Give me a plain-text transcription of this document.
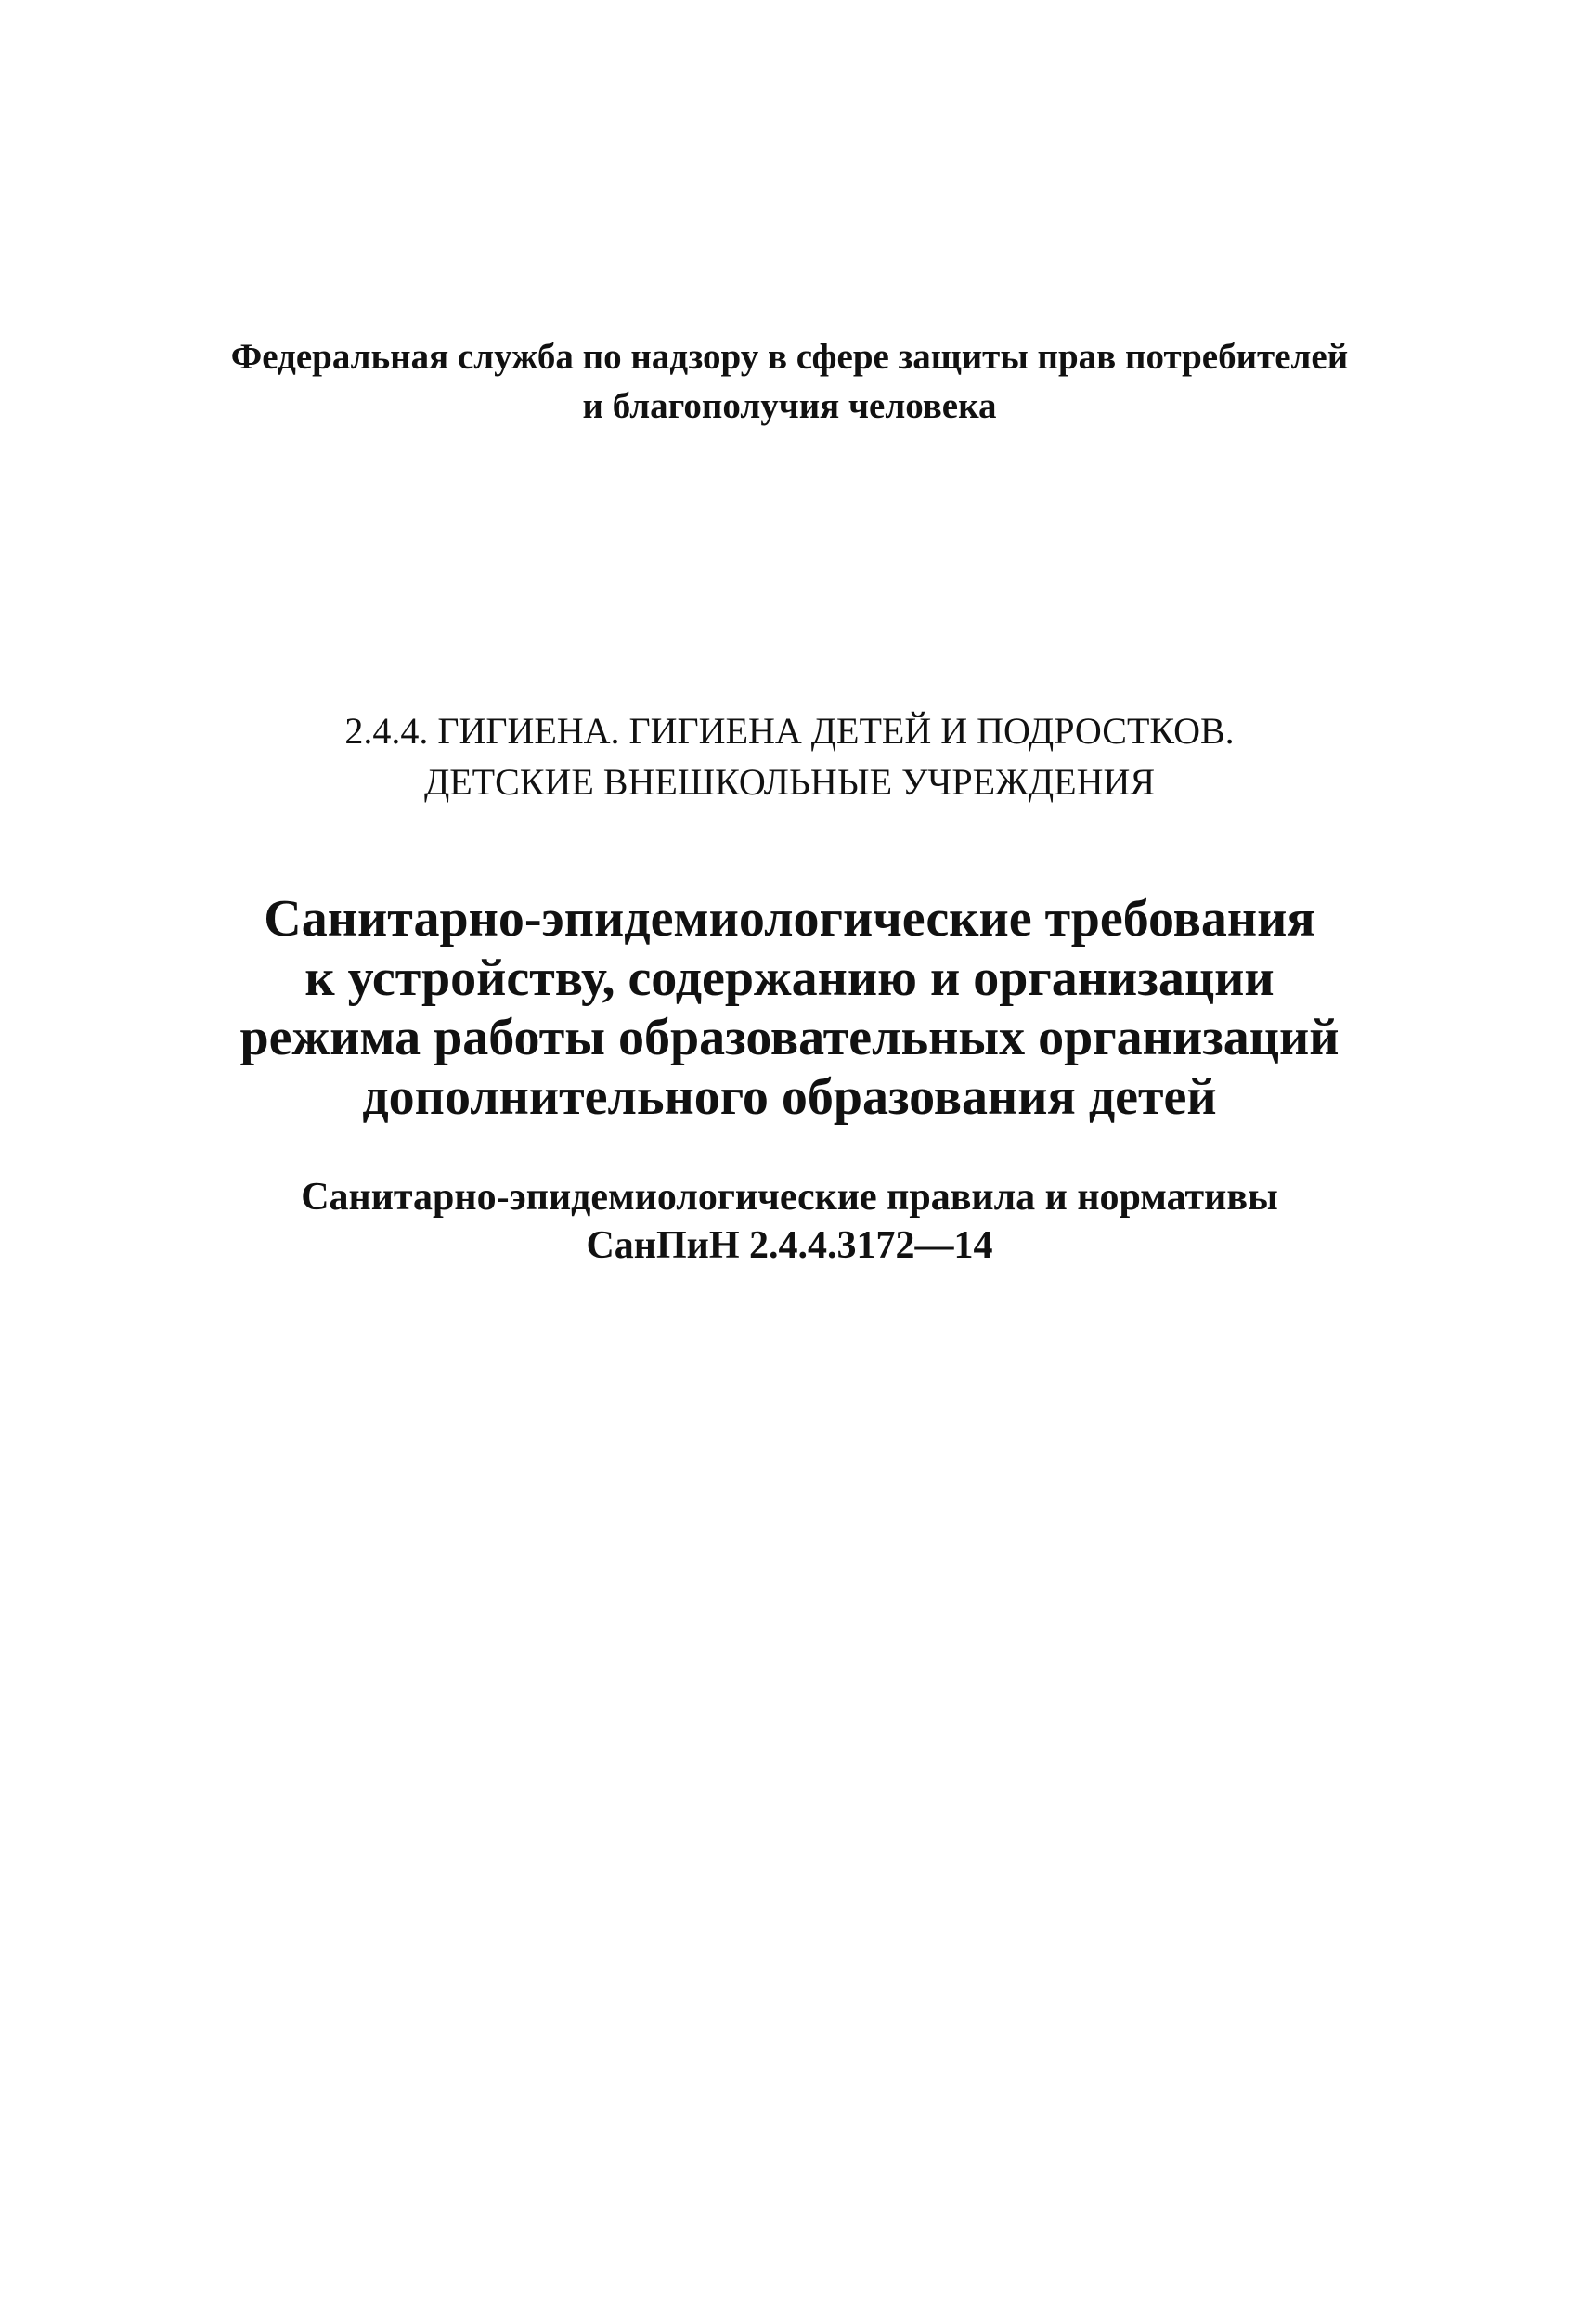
Федеральная служба по надзору в сфере защиты прав потребителей
и благополучия человека
2.4.4. ГИГИЕНА. ГИГИЕНА ДЕТЕЙ И ПОДРОСТКОВ.
ДЕТСКИЕ ВНЕШКОЛЬНЫЕ УЧРЕЖДЕНИЯ
Санитарно-эпидемиологические требования
к устройству, содержанию и организации
режима работы образовательных организаций
дополнительного образования детей
Санитарно-эпидемиологические правила и нормативы
СанПиН 2.4.4.3172—14
